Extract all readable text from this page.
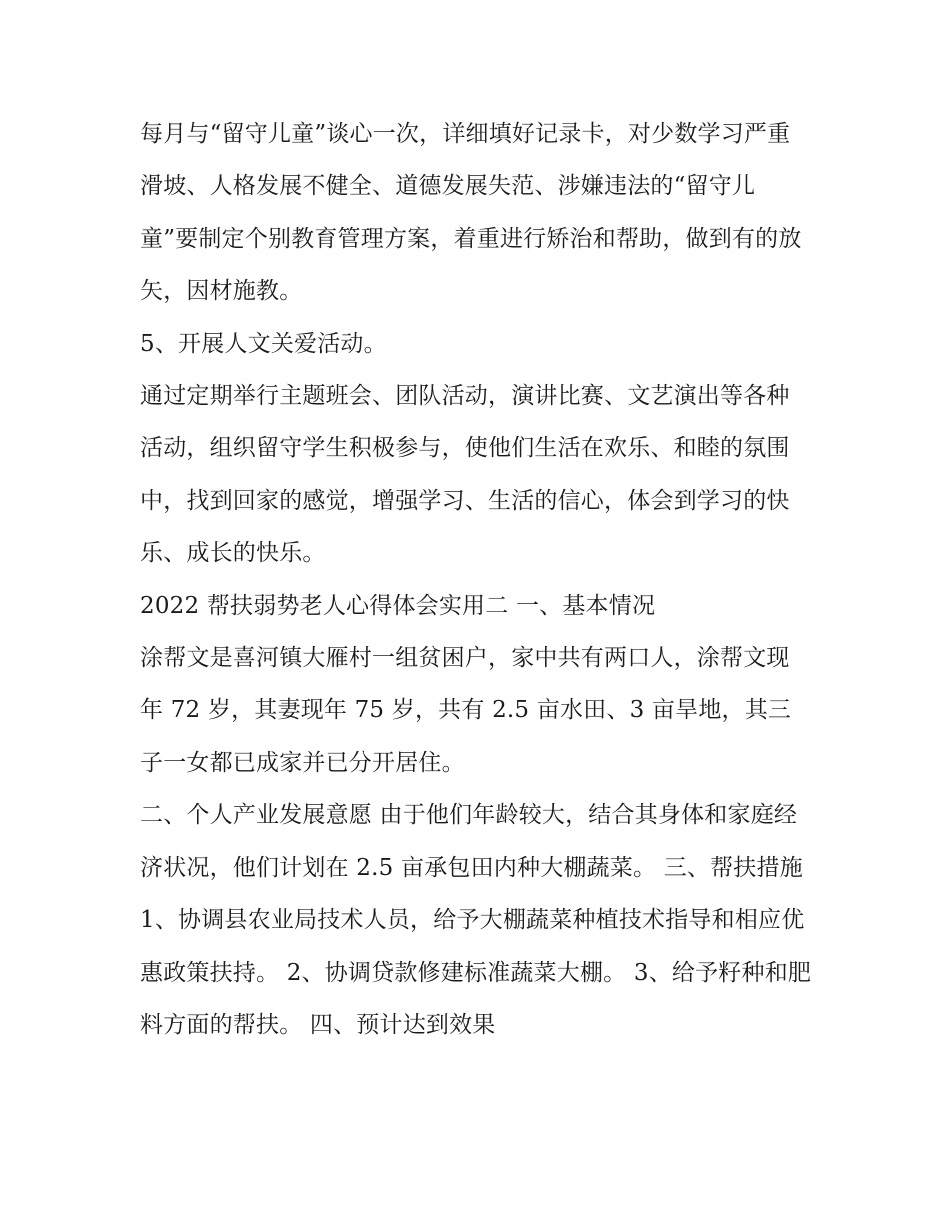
每月与“留守儿童”谈心一次，详细填好记录卡，对少数学习严重滑坡、人格发展不健全、道德发展失范、涉嫌违法的“留守儿童”要制定个别教育管理方案，着重进行矫治和帮助，做到有的放矢，因材施教。

5、开展人文关爱活动。

通过定期举行主题班会、团队活动，演讲比赛、文艺演出等各种活动，组织留守学生积极参与，使他们生活在欢乐、和睦的氛围中，找到回家的感觉，增强学习、生活的信心，体会到学习的快乐、成长的快乐。

2022 帮扶弱势老人心得体会实用二 一、基本情况

涂帮文是喜河镇大雁村一组贫困户，家中共有两口人，涂帮文现年 72 岁，其妻现年 75 岁，共有 2.5 亩水田、3 亩旱地，其三子一女都已成家并已分开居住。

二、个人产业发展意愿 由于他们年龄较大，结合其身体和家庭经济状况，他们计划在 2.5 亩承包田内种大棚蔬菜。 三、帮扶措施

1、协调县农业局技术人员，给予大棚蔬菜种植技术指导和相应优惠政策扶持。 2、协调贷款修建标准蔬菜大棚。 3、给予籽种和肥料方面的帮扶。 四、预计达到效果
